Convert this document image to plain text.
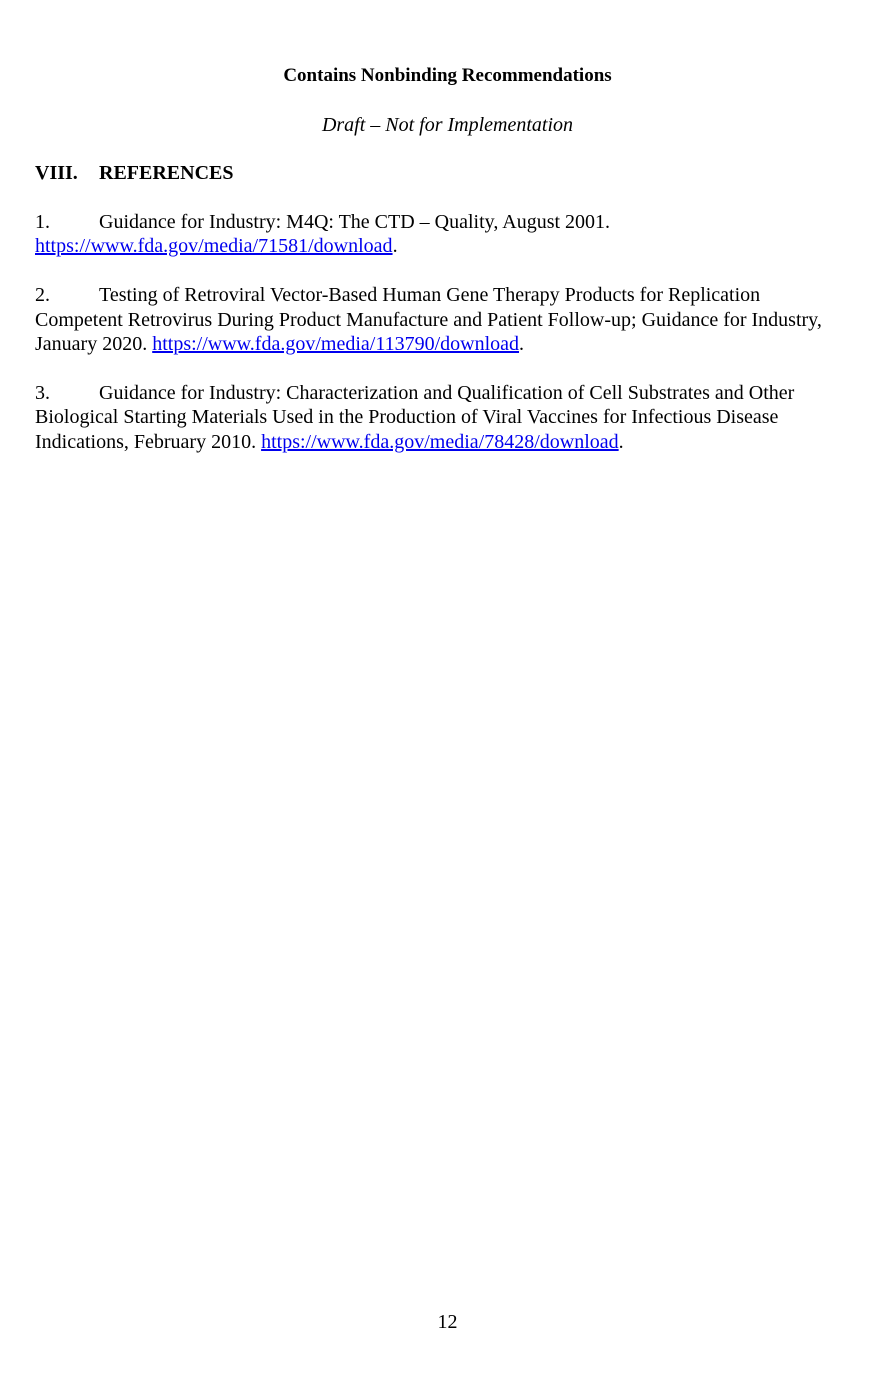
Contains Nonbinding Recommendations
Draft – Not for Implementation
VIII. REFERENCES

1. Guidance for Industry: M4Q: The CTD – Quality, August 2001.
https://www.fda.gov/media/71581/download.

2. Testing of Retroviral Vector-Based Human Gene Therapy Products for Replication Competent Retrovirus During Product Manufacture and Patient Follow-up; Guidance for Industry, January 2020. https://www.fda.gov/media/113790/download.

3. Guidance for Industry: Characterization and Qualification of Cell Substrates and Other Biological Starting Materials Used in the Production of Viral Vaccines for Infectious Disease Indications, February 2010. https://www.fda.gov/media/78428/download.

12
